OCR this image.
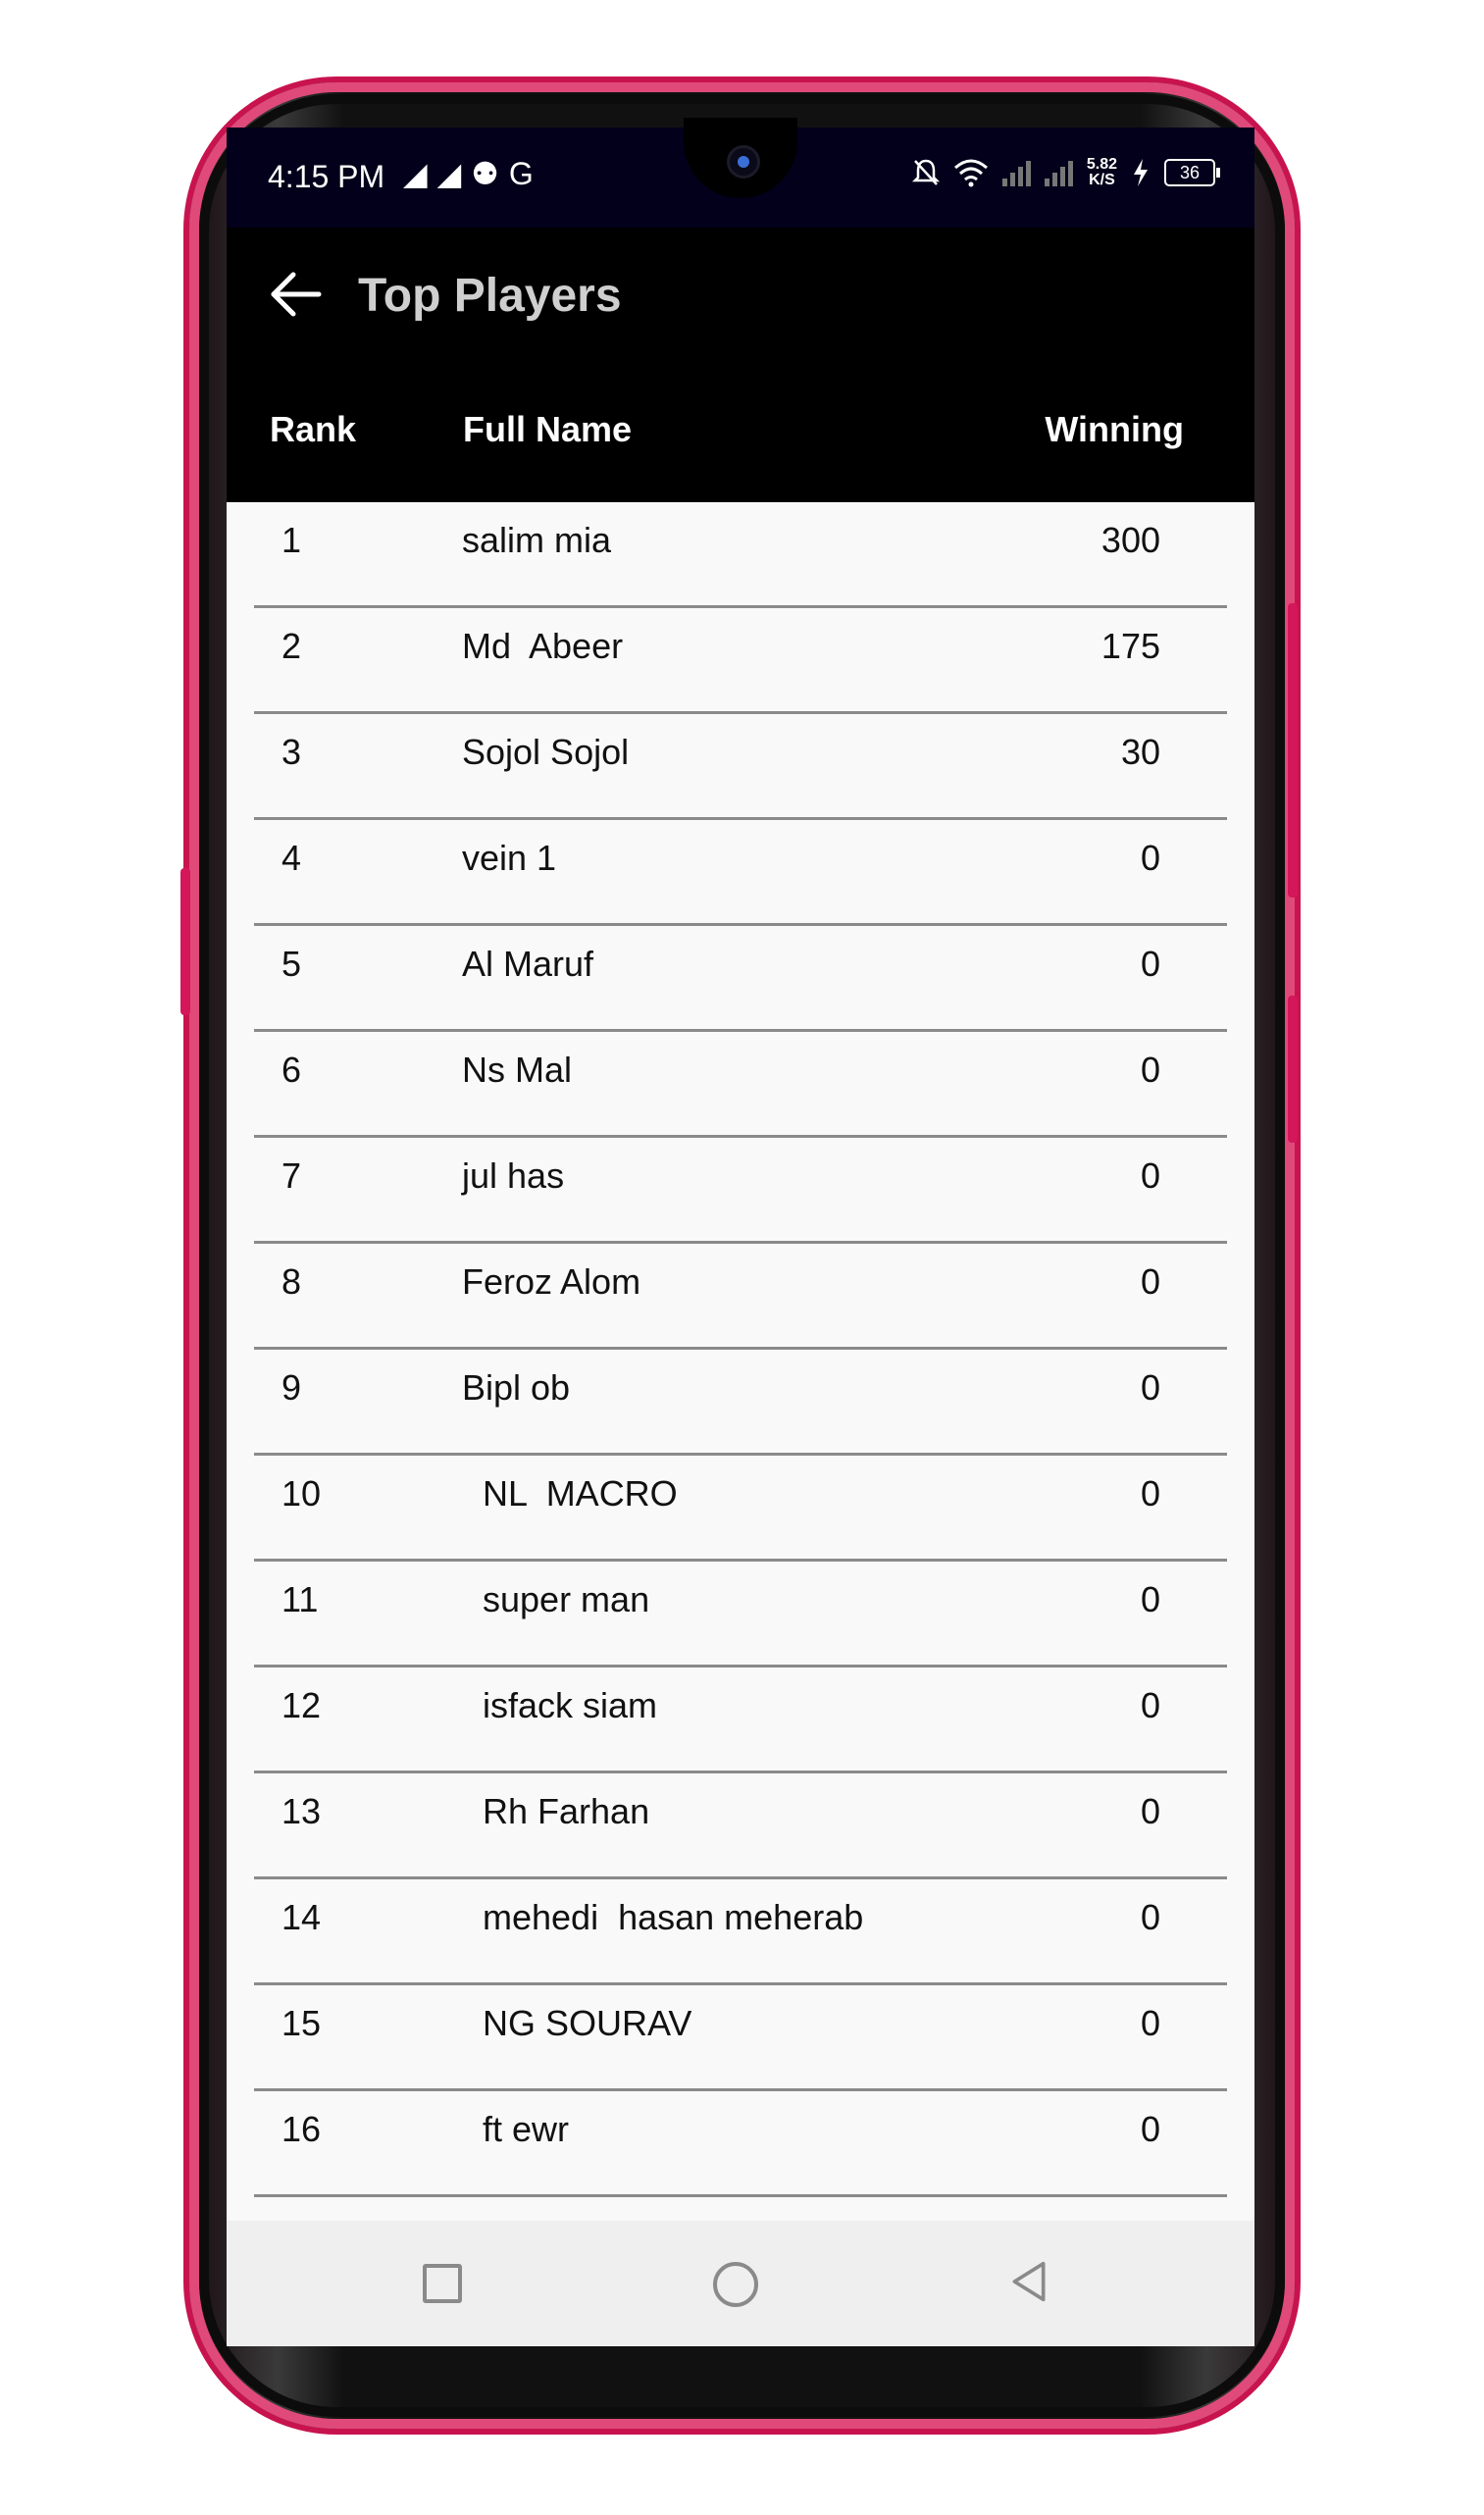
4:15 PM ◢◢⚉G	5.82
K/S	36
Top Players
Rank	Full Name	Winning
1	salim mia	300
2	Md  Abeer	175
3	Sojol Sojol	30
4	vein 1	0
5	Al Maruf	0
6	Ns Mal	0
7	jul has	0
8	Feroz Alom	0
9	Bipl ob	0
10	NL  MACRO	0
11	super man	0
12	isfack siam	0
13	Rh Farhan	0
14	mehedi  hasan meherab	0
15	NG SOURAV	0
16	ft ewr	0
